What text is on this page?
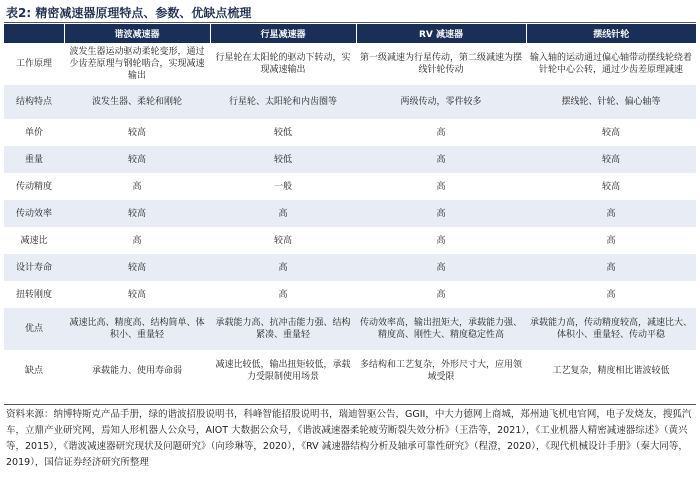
表2: 精密减速器原理特点、参数、优缺点梳理
	谐波减速器	行星减速器	RV 减速器	摆线针轮
工作原理	波发生器运动驱动柔轮变形，通过少齿差原理与钢轮啮合，实现减速输出	行星轮在太阳轮的驱动下转动，实现减速输出	第一级减速为行星传动，第二级减速为摆线针轮传动	输入轴的运动通过偏心轴带动摆线轮绕着针轮中心公转，通过少齿差原理减速
结构特点	波发生器、柔轮和刚轮	行星轮、太阳轮和内齿圈等	两级传动，零件较多	摆线轮、针轮、偏心轴等
单价	较高	较低	高	较高
重量	较高	较低	高	较高
传动精度	高	一般	高	较高
传动效率	较高	高	高	高
减速比	高	较高	高	高
设计寿命	较高	高	高	高
扭转刚度	较高	高	高	高
优点	减速比高、精度高、结构简单、体积小、重量轻	承载能力高、抗冲击能力强、结构紧凑、重量轻	传动效率高，输出扭矩大，承载能力强、精度高、刚性大、精度稳定性高	承载能力高，传动精度较高，减速比大、体积小、重量轻、传动平稳
缺点	承载能力、使用寿命弱	减速比较低，输出扭矩较低，承载力受限制使用场景	多结构和工艺复杂，外形尺寸大，应用领域受限	工艺复杂，精度相比谐波较低
资料来源：纳博特斯克产品手册，绿的谐波招股说明书，科峰智能招股说明书，瑞迪智驱公告，GGII，中大力德网上商城，郑州迪飞机电官网，电子发烧友，搜狐汽车，立鼎产业研究网，焉知人形机器人公众号，AIOT 大数据公众号，《谐波减速器柔轮疲劳断裂失效分析》（王浩等，2021），《工业机器人精密减速器综述》（黄兴等，2015），《谐波减速器研究现状及问题研究》（向珍琳等，2020），《RV 减速器结构分析及轴承可靠性研究》（程澄，2020），《现代机械设计手册》（秦大同等，2019），国信证券经济研究所整理
